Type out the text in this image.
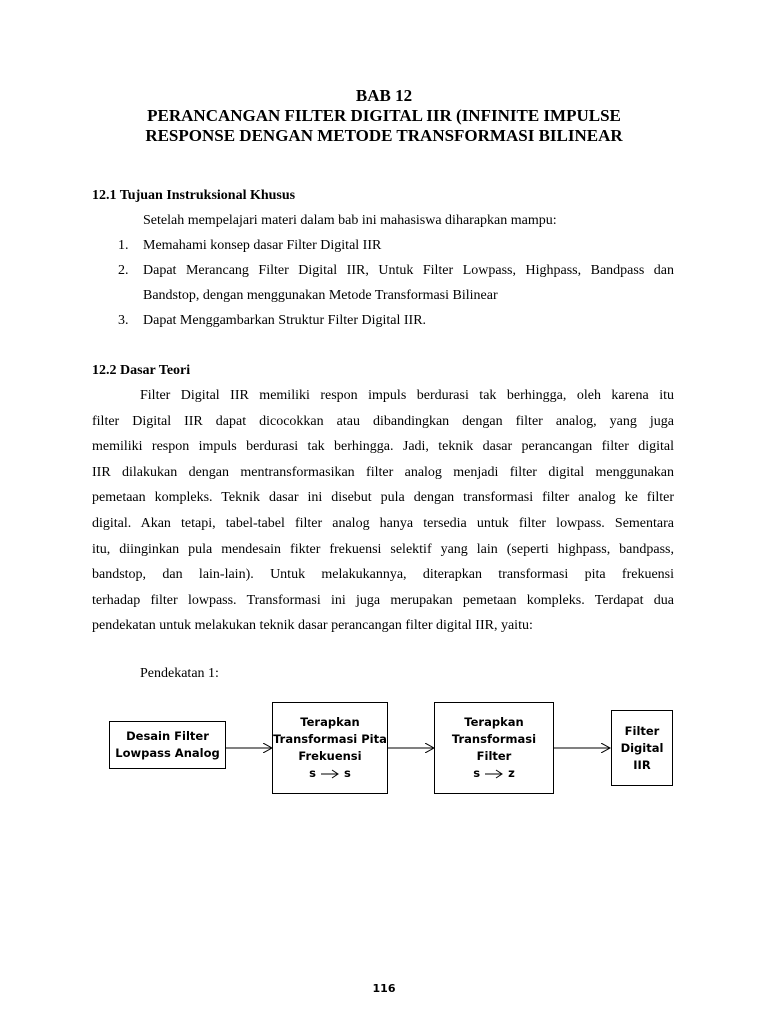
BAB 12
PERANCANGAN FILTER DIGITAL IIR (INFINITE IMPULSE
RESPONSE DENGAN METODE TRANSFORMASI BILINEAR
12.1 Tujuan Instruksional Khusus
Setelah mempelajari materi dalam bab ini mahasiswa diharapkan mampu:
1.	Memahami konsep dasar Filter Digital IIR
2.	Dapat Merancang Filter Digital IIR, Untuk Filter Lowpass, Highpass, Bandpass dan
Bandstop, dengan menggunakan Metode Transformasi Bilinear
3.	Dapat Menggambarkan Struktur Filter Digital IIR.
12.2 Dasar Teori
Filter Digital IIR memiliki respon impuls berdurasi tak berhingga, oleh karena itu
filter Digital IIR dapat dicocokkan atau dibandingkan dengan filter analog, yang juga
memiliki respon impuls berdurasi tak berhingga. Jadi, teknik dasar perancangan filter digital
IIR dilakukan dengan mentransformasikan filter analog menjadi filter digital menggunakan
pemetaan kompleks. Teknik dasar ini disebut pula dengan transformasi filter analog ke filter
digital. Akan tetapi, tabel-tabel filter analog hanya tersedia untuk filter lowpass. Sementara
itu, diinginkan pula mendesain fikter frekuensi selektif yang lain (seperti highpass, bandpass,
bandstop, dan lain-lain). Untuk melakukannya, diterapkan transformasi pita frekuensi
terhadap filter lowpass. Transformasi ini juga merupakan pemetaan kompleks. Terdapat dua
pendekatan untuk melakukan teknik dasar perancangan filter digital IIR, yaitu:
Pendekatan 1:
Desain Filter
Lowpass Analog
Terapkan
Transformasi Pita
Frekuensi
s s
Terapkan
Transformasi
Filter
s z
Filter
Digital
IIR
116
